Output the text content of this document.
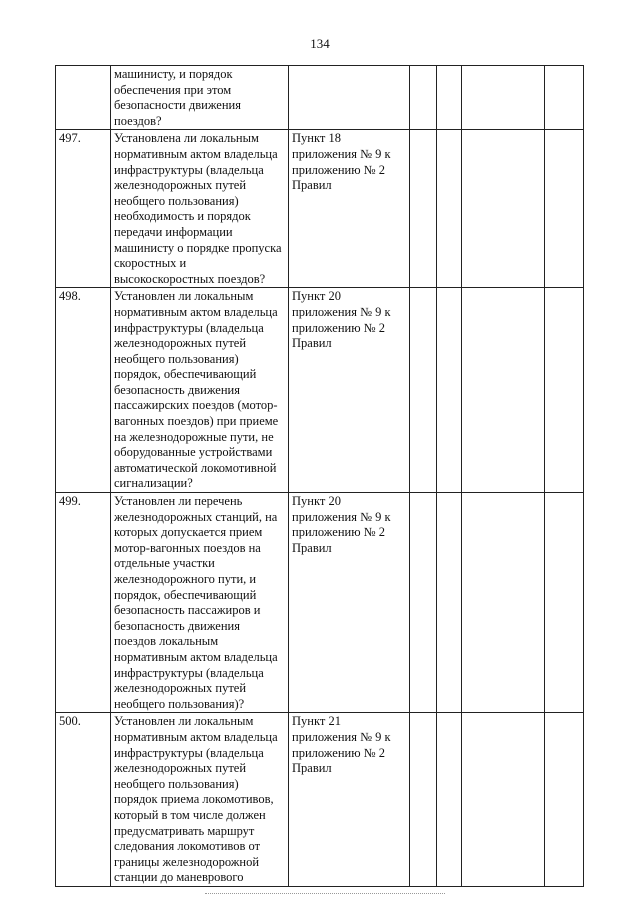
134
	машинисту, и порядок обеспечения при этом безопасности движения поездов?					
497.	Установлена ли локальным нормативным актом владельца инфраструктуры (владельца железнодорожных путей необщего пользования) необходимость и порядок передачи информации машинисту о порядке пропуска скоростных и высокоскоростных поездов?	Пункт 18 приложения № 9 к приложению № 2 Правил				
498.	Установлен ли локальным нормативным актом владельца инфраструктуры (владельца железнодорожных путей необщего пользования) порядок, обеспечивающий безопасность движения пассажирских поездов (мотор-вагонных поездов) при приеме на железнодорожные пути, не оборудованные устройствами автоматической локомотивной сигнализации?	Пункт 20 приложения № 9 к приложению № 2 Правил				
499.	Установлен ли перечень железнодорожных станций, на которых допускается прием мотор-вагонных поездов на отдельные участки железнодорожного пути, и порядок, обеспечивающий безопасность пассажиров и безопасность движения поездов локальным нормативным актом владельца инфраструктуры (владельца железнодорожных путей необщего пользования)?	Пункт 20 приложения № 9 к приложению № 2 Правил				
500.	Установлен ли локальным нормативным актом владельца инфраструктуры (владельца железнодорожных путей необщего пользования) порядок приема локомотивов, который в том числе должен предусматривать маршрут следования локомотивов от границы железнодорожной станции до маневрового	Пункт 21 приложения № 9 к приложению № 2 Правил				
